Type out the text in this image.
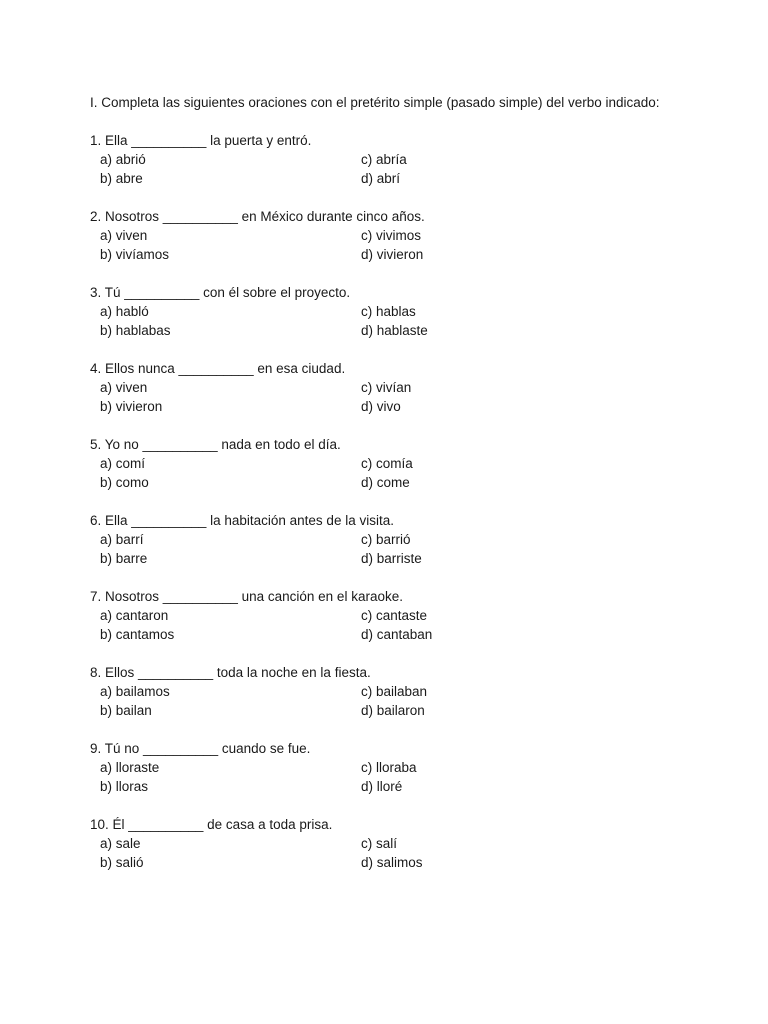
I. Completa las siguientes oraciones con el pretérito simple (pasado simple) del verbo indicado:
1. Ella __________ la puerta y entró.
a) abrió	c) abría
b) abre	d) abrí
2. Nosotros __________ en México durante cinco años.
a) viven	c) vivimos
b) vivíamos	d) vivieron
3. Tú __________ con él sobre el proyecto.
a) habló	c) hablas
b) hablabas	d) hablaste
4. Ellos nunca __________ en esa ciudad.
a) viven	c) vivían
b) vivieron	d) vivo
5. Yo no __________ nada en todo el día.
a) comí	c) comía
b) como	d) come
6. Ella __________ la habitación antes de la visita.
a) barrí	c) barrió
b) barre	d) barriste
7. Nosotros __________ una canción en el karaoke.
a) cantaron	c) cantaste
b) cantamos	d) cantaban
8. Ellos __________ toda la noche en la fiesta.
a) bailamos	c) bailaban
b) bailan	d) bailaron
9. Tú no __________ cuando se fue.
a) lloraste	c) lloraba
b) lloras	d) lloré
10. Él __________ de casa a toda prisa.
a) sale	c) salí
b) salió	d) salimos
